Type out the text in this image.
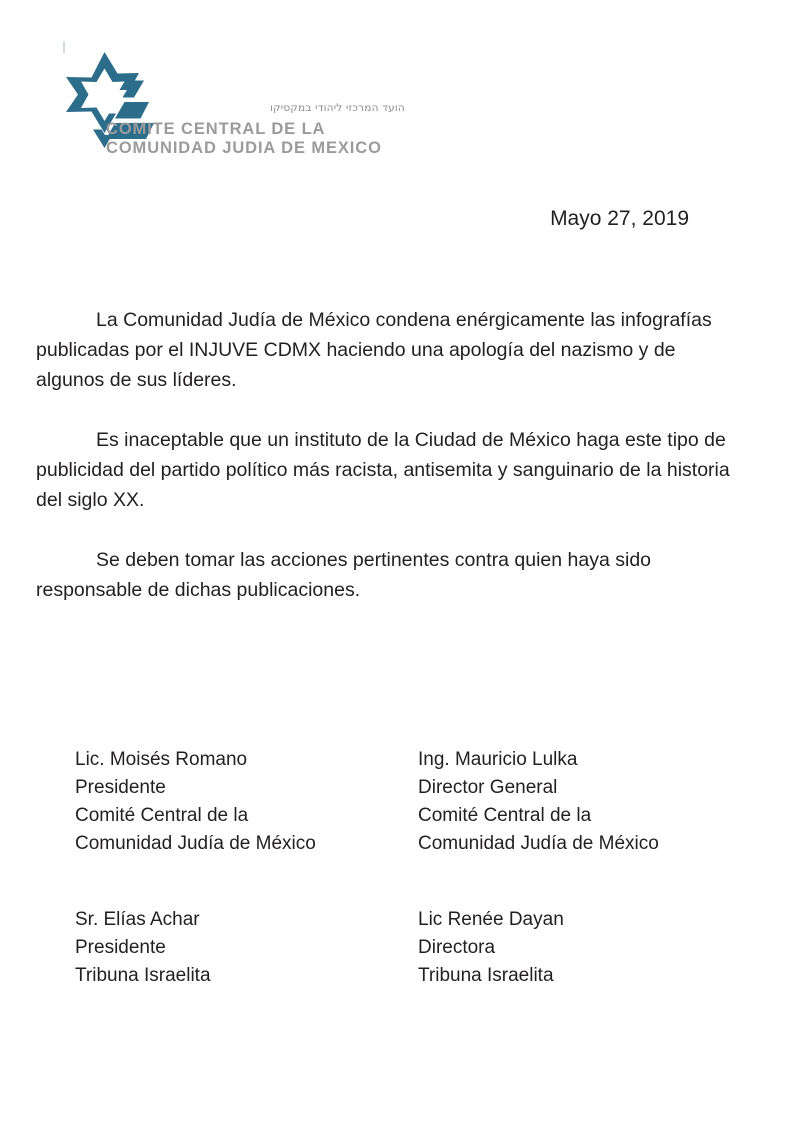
הועד המרכזי ליהודי במקסיקו
COMITE CENTRAL DE LA
COMUNIDAD JUDIA DE MEXICO
Mayo 27, 2019

La Comunidad Judía de México condena enérgicamente las infografías publicadas por el INJUVE CDMX haciendo una apología del nazismo y de algunos de sus líderes.

Es inaceptable que un instituto de la Ciudad de México haga este tipo de publicidad del partido político más racista, antisemita y sanguinario de la historia del siglo XX.

Se deben tomar las acciones pertinentes contra quien haya sido responsable de dichas publicaciones.

Lic. Moisés Romano
Presidente
Comité Central de la
Comunidad Judía de México
Ing. Mauricio Lulka
Director General
Comité Central de la
Comunidad Judía de México
Sr. Elías Achar
Presidente
Tribuna Israelita
Lic Renée Dayan
Directora
Tribuna Israelita
